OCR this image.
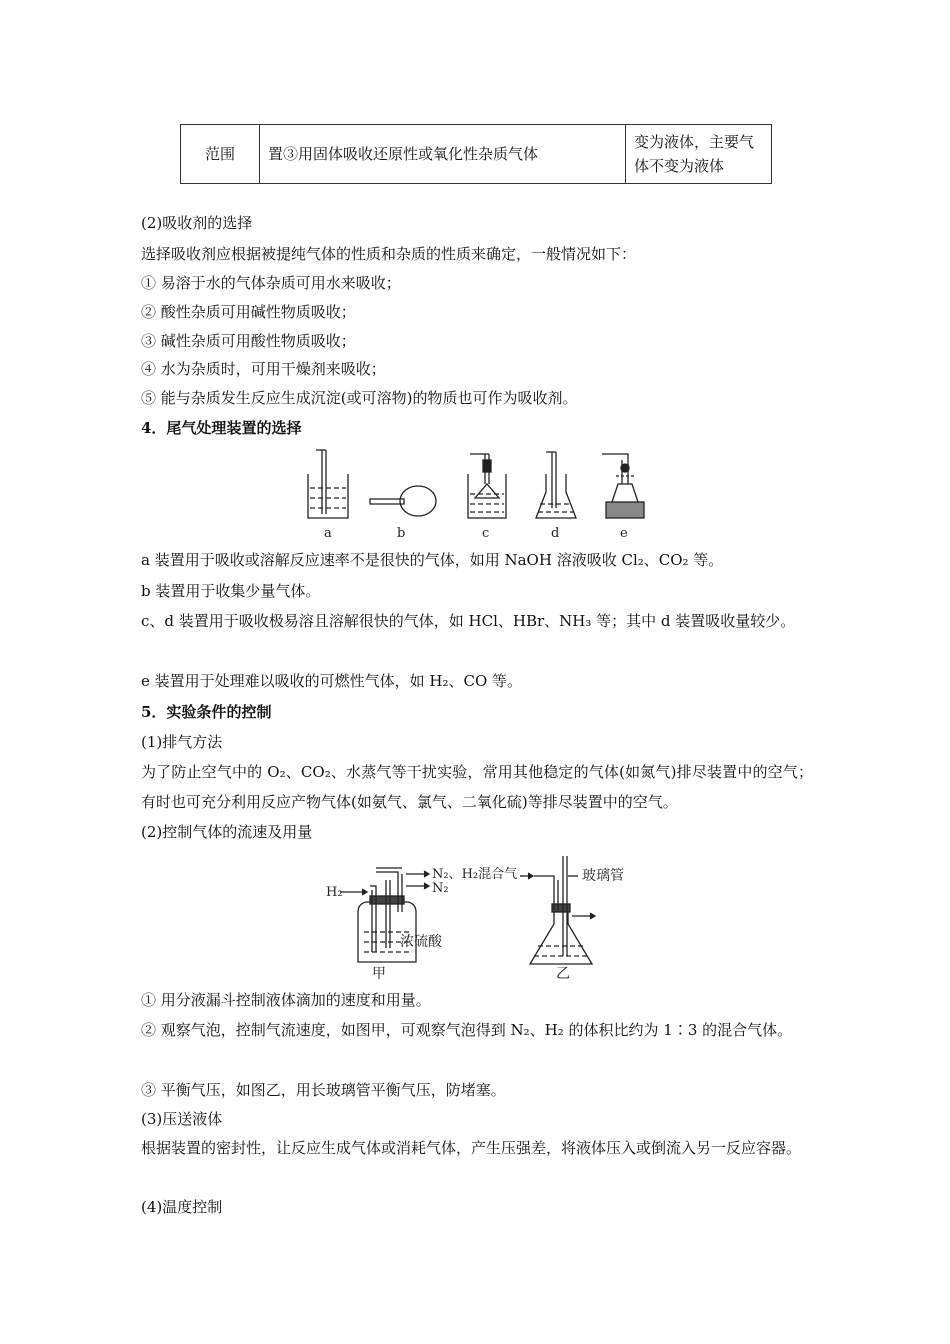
范围	置③用固体吸收还原性或氧化性杂质气体	变为液体，主要气体不变为液体
(2)吸收剂的选择
选择吸收剂应根据被提纯气体的性质和杂质的性质来确定，一般情况如下：
① 易溶于水的气体杂质可用水来吸收；
② 酸性杂质可用碱性物质吸收；
③ 碱性杂质可用酸性物质吸收；
④ 水为杂质时，可用干燥剂来吸收；
⑤ 能与杂质发生反应生成沉淀(或可溶物)的物质也可作为吸收剂。
4．尾气处理装置的选择
a	b	c	d	e
a 装置用于吸收或溶解反应速率不是很快的气体，如用 NaOH 溶液吸收 Cl₂、CO₂ 等。
b 装置用于收集少量气体。
c、d 装置用于吸收极易溶且溶解很快的气体，如 HCl、HBr、NH₃ 等；其中 d 装置吸收量较少。
e 装置用于处理难以吸收的可燃性气体，如 H₂、CO 等。
5．实验条件的控制
(1)排气方法
为了防止空气中的 O₂、CO₂、水蒸气等干扰实验，常用其他稳定的气体(如氮气)排尽装置中的空气；有时也可充分利用反应产物气体(如氨气、氯气、二氧化硫)等排尽装置中的空气。
(2)控制气体的流速及用量
H₂	N₂
N₂、H₂混合气
浓硫酸
甲
玻璃管
乙
① 用分液漏斗控制液体滴加的速度和用量。
② 观察气泡，控制气流速度，如图甲，可观察气泡得到 N₂、H₂ 的体积比约为 1∶3 的混合气体。
③ 平衡气压，如图乙，用长玻璃管平衡气压，防堵塞。
(3)压送液体
根据装置的密封性，让反应生成气体或消耗气体，产生压强差，将液体压入或倒流入另一反应容器。
(4)温度控制
